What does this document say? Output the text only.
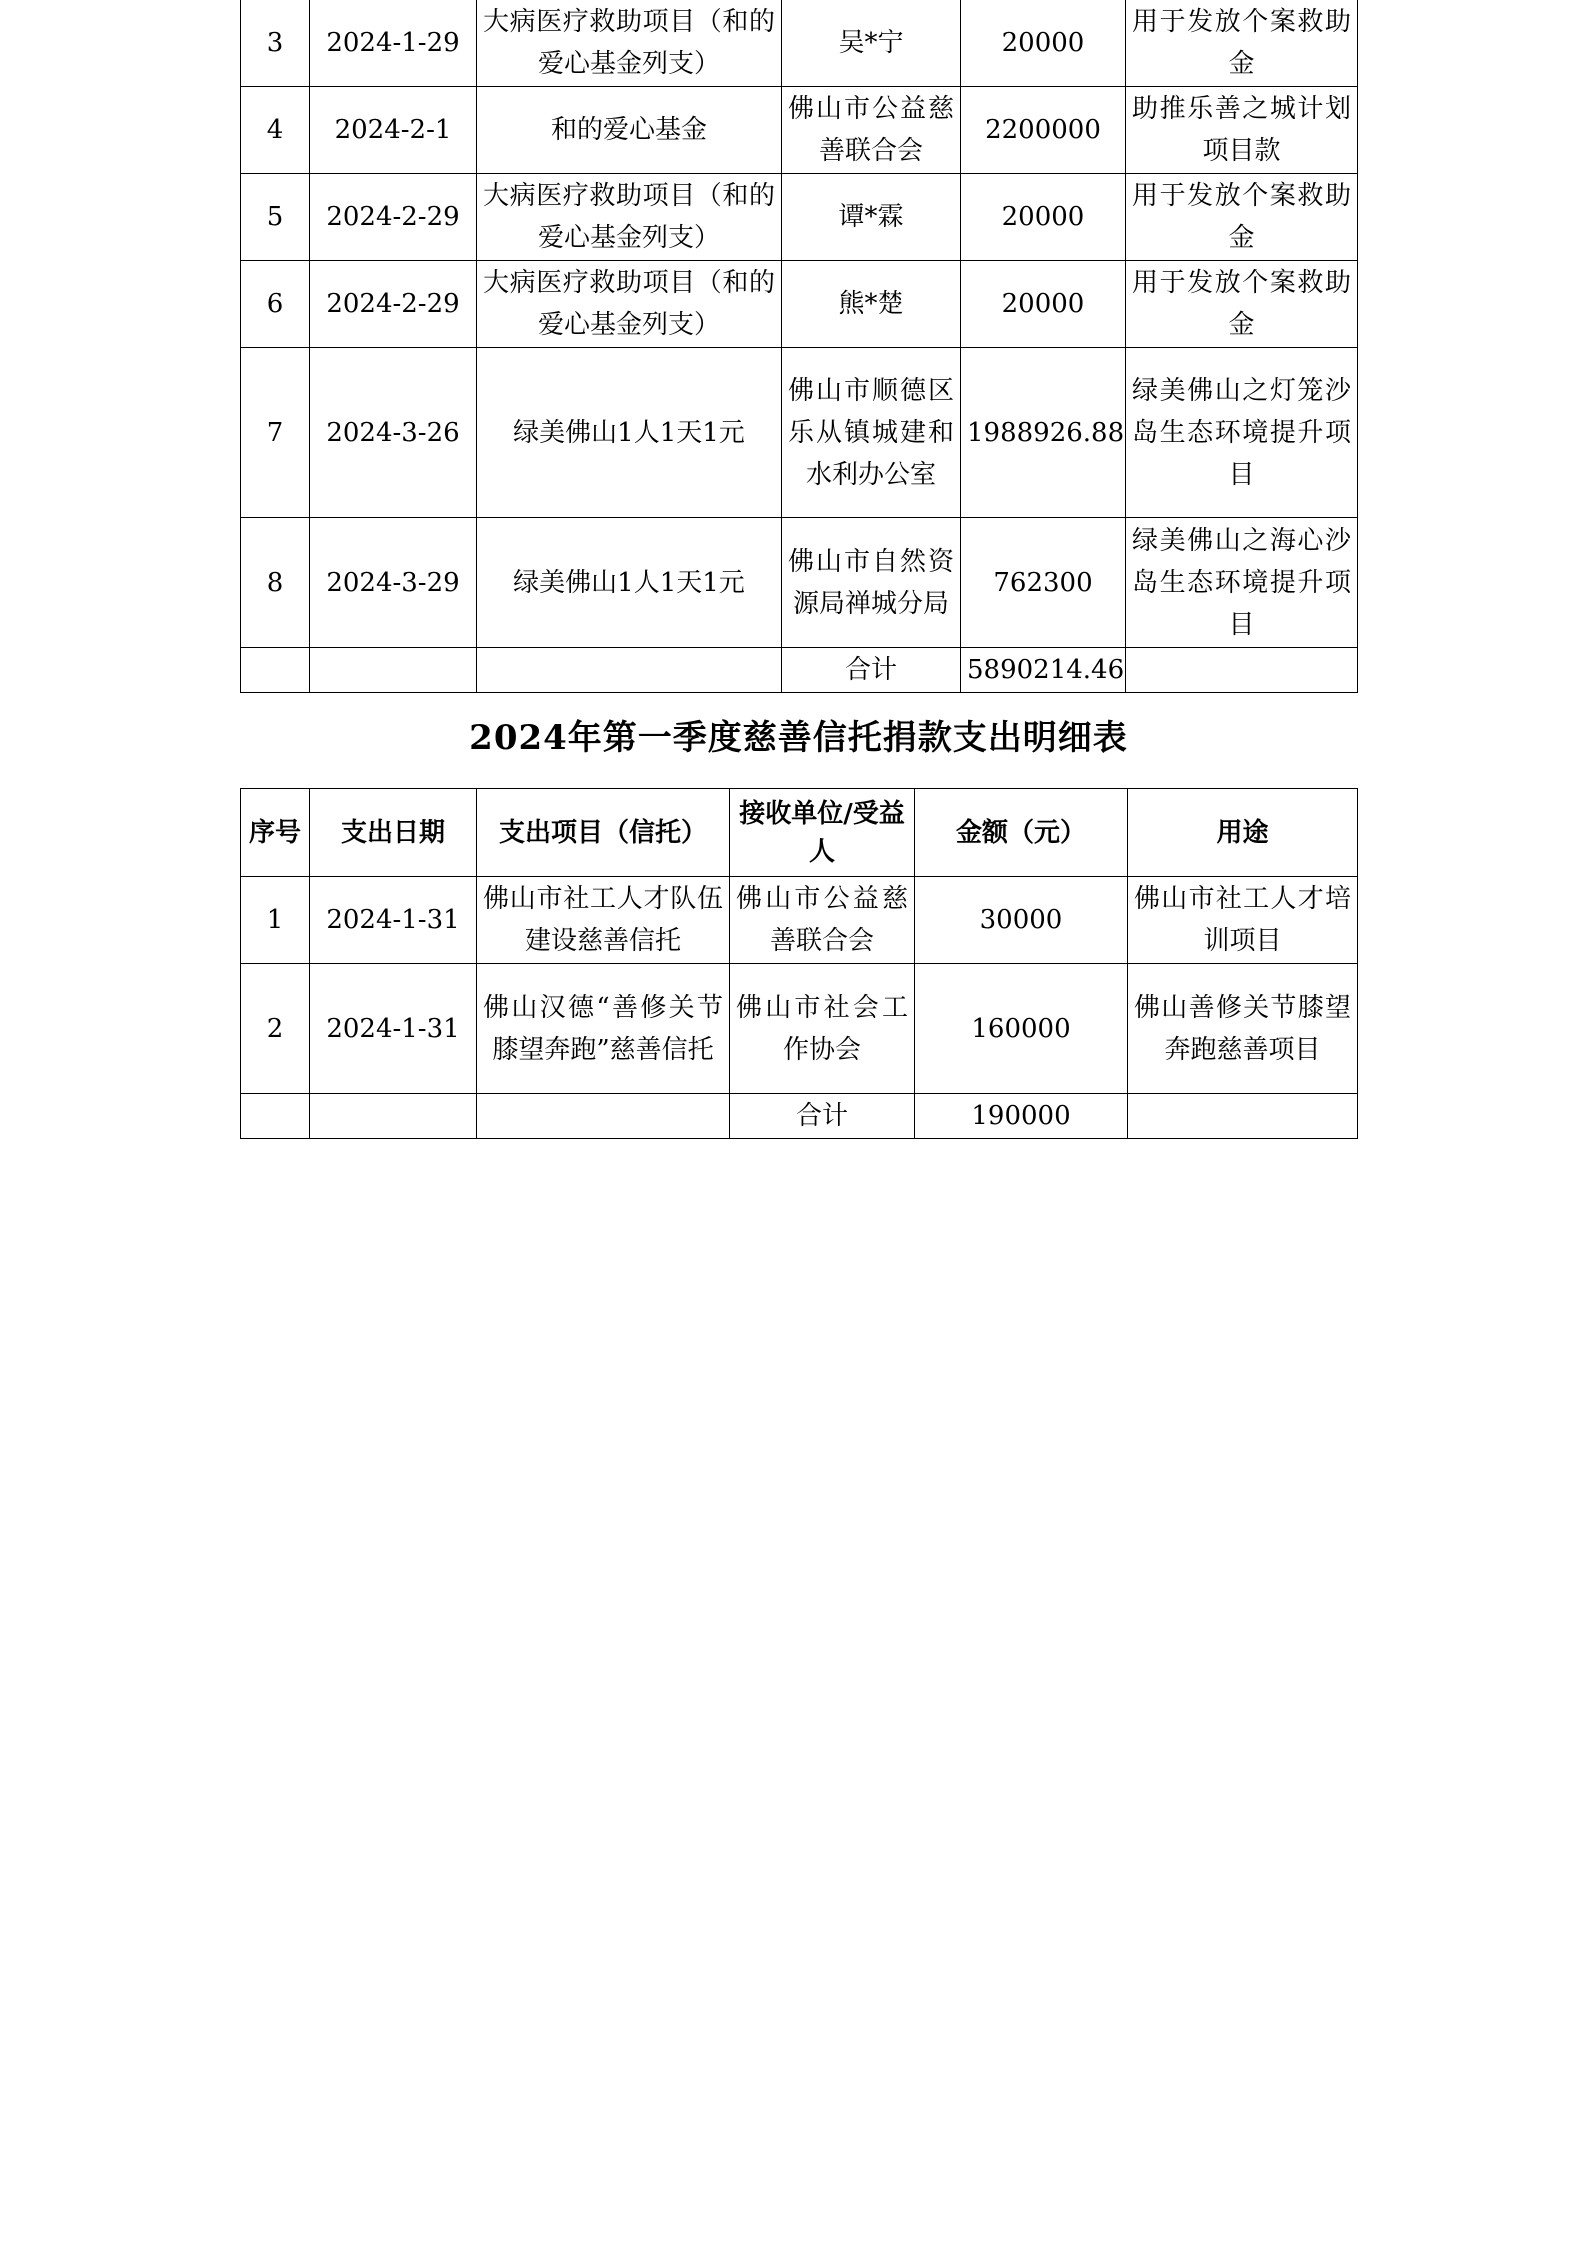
3	2024-1-29	大病医疗救助项目（和的爱心基金列支）	吴*宁	20000	用于发放个案救助金
4	2024-2-1	和的爱心基金	佛山市公益慈善联合会	2200000	助推乐善之城计划项目款
5	2024-2-29	大病医疗救助项目（和的爱心基金列支）	谭*霖	20000	用于发放个案救助金
6	2024-2-29	大病医疗救助项目（和的爱心基金列支）	熊*楚	20000	用于发放个案救助金
7	2024-3-26	绿美佛山1人1天1元	佛山市顺德区乐从镇城建和水利办公室	1988926.88	绿美佛山之灯笼沙岛生态环境提升项目
8	2024-3-29	绿美佛山1人1天1元	佛山市自然资源局禅城分局	762300	绿美佛山之海心沙岛生态环境提升项目
			合计	5890214.46	
2024年第一季度慈善信托捐款支出明细表
序号	支出日期	支出项目（信托）	接收单位/受益人	金额（元）	用途
1	2024-1-31	佛山市社工人才队伍建设慈善信托	佛山市公益慈善联合会	30000	佛山市社工人才培训项目
2	2024-1-31	佛山汉德“善修关节 膝望奔跑”慈善信托	佛山市社会工作协会	160000	佛山善修关节膝望奔跑慈善项目
			合计	190000	
